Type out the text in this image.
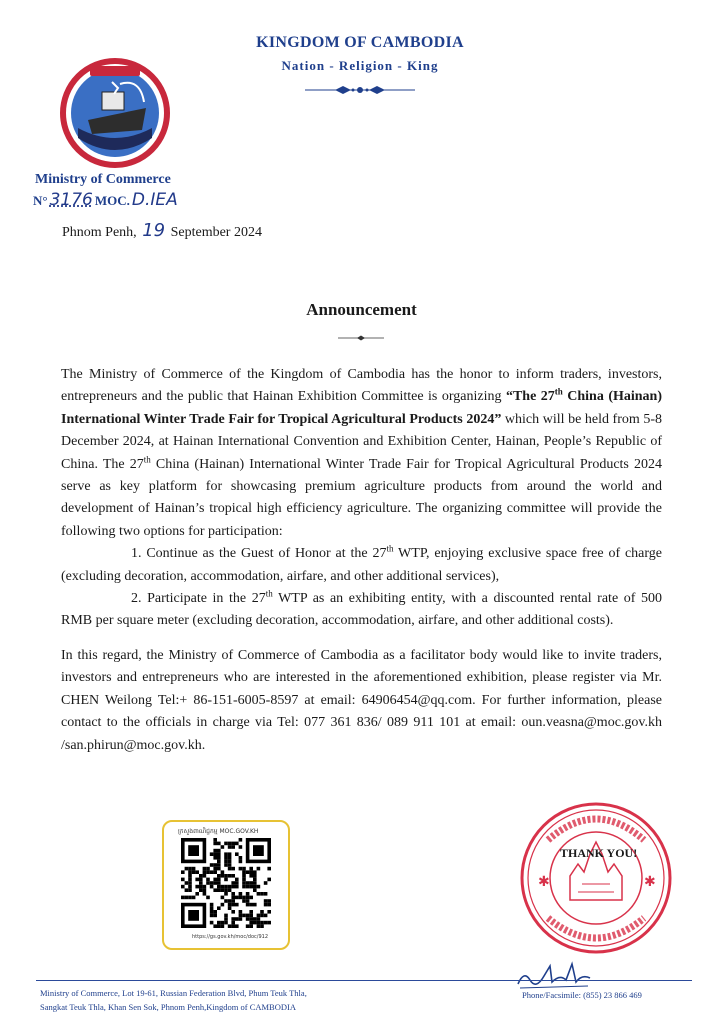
KINGDOM OF CAMBODIA
Nation - Religion - King
Ministry of Commerce
N° 3176 MOC. D.IEA
Phnom Penh, 19 September 2024
Announcement

The Ministry of Commerce of the Kingdom of Cambodia has the honor to inform traders, investors, entrepreneurs and the public that Hainan Exhibition Committee is organizing “The 27th China (Hainan) International Winter Trade Fair for Tropical Agricultural Products 2024” which will be held from 5-8 December 2024, at Hainan International Convention and Exhibition Center, Hainan, People’s Republic of China. The 27th China (Hainan) International Winter Trade Fair for Tropical Agricultural Products 2024 serve as key platform for showcasing premium agriculture products from around the world and development of Hainan’s tropical high efficiency agriculture. The organizing committee will provide the following two options for participation:

1. Continue as the Guest of Honor at the 27th WTP, enjoying exclusive space free of charge (excluding decoration, accommodation, airfare, and other additional services),

2. Participate in the 27th WTP as an exhibiting entity, with a discounted rental rate of 500 RMB per square meter (excluding decoration, accommodation, airfare, and other additional costs).

In this regard, the Ministry of Commerce of Cambodia as a facilitator body would like to invite traders, investors and entrepreneurs who are interested in the aforementioned exhibition, please register via Mr. CHEN Weilong Tel:+ 86-151-6005-8597 at email: 64906454@qq.com. For further information, please contact to the officials in charge via Tel: 077 361 836/ 089 911 101 at email: oun.veasna@moc.gov.kh /san.phirun@moc.gov.kh.

ក្រសួងពាណិជ្ជកម្ម MOC.GOV.KH
https://gs.gov.kh/moc/doc/912
✱	✱
THANK YOU!
Ministry of Commerce, Lot 19-61, Russian Federation Blvd, Phum Teuk Thla,
Sangkat Teuk Thla, Khan Sen Sok, Phnom Penh,Kingdom of CAMBODIA
Phone/Facsimile: (855) 23 866 469
